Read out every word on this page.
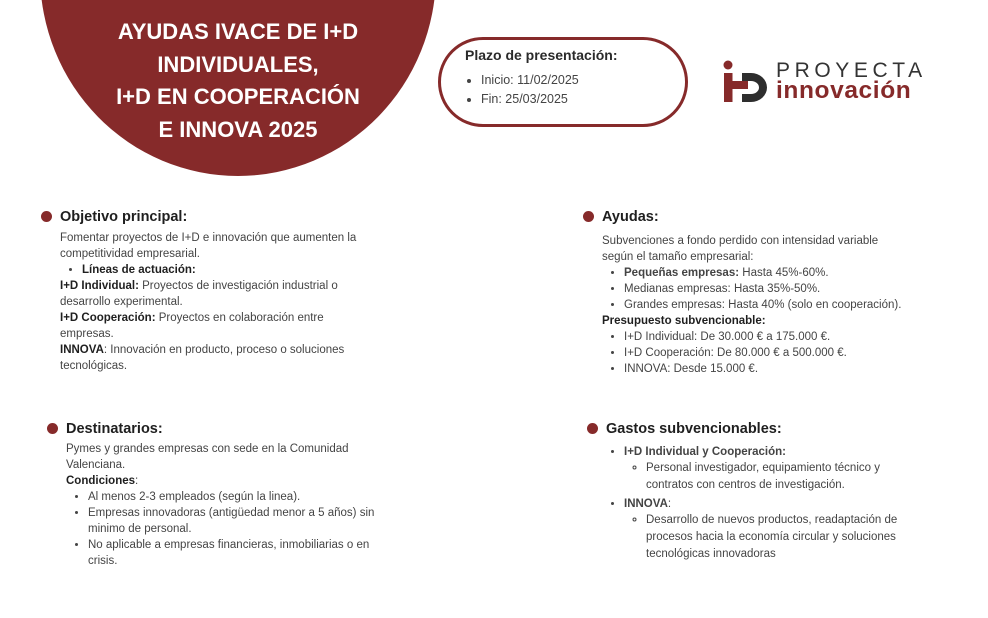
AYUDAS IVACE DE I+D
INDIVIDUALES,
I+D EN COOPERACIÓN
E INNOVA 2025
Plazo de presentación:
• Inicio: 11/02/2025
• Fin: 25/03/2025
PROYECTA
innovación
Objetivo principal:
Fomentar proyectos de I+D e innovación que aumenten la competitividad empresarial.
• Líneas de actuación:
I+D Individual: Proyectos de investigación industrial o desarrollo experimental.
I+D Cooperación: Proyectos en colaboración entre empresas.
INNOVA: Innovación en producto, proceso o soluciones tecnológicas.
Destinatarios:
Pymes y grandes empresas con sede en la Comunidad Valenciana.
Condiciones:
• Al menos 2-3 empleados (según la linea).
• Empresas innovadoras (antigüedad menor a 5 años) sin minimo de personal.
• No aplicable a empresas financieras, inmobiliarias o en crisis.
Ayudas:
Subvenciones a fondo perdido con intensidad variable según el tamaño empresarial:
• Pequeñas empresas: Hasta 45%-60%.
• Medianas empresas: Hasta 35%-50%.
• Grandes empresas: Hasta 40% (solo en cooperación).
Presupuesto subvencionable:
• I+D Individual: De 30.000 € a 175.000 €.
• I+D Cooperación: De 80.000 € a 500.000 €.
• INNOVA: Desde 15.000 €.
Gastos subvencionables:
• I+D Individual y Cooperación:
◦ Personal investigador, equipamiento técnico y contratos con centros de investigación.
• INNOVA:
◦ Desarrollo de nuevos productos, readaptación de procesos hacia la economía circular y soluciones tecnológicas innovadoras
